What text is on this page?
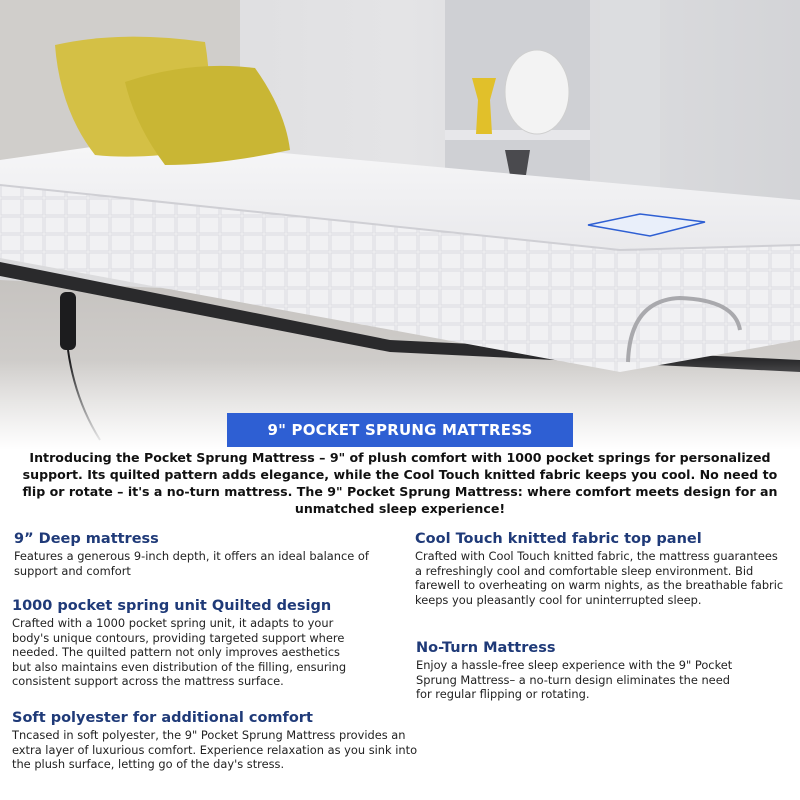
9" POCKET SPRUNG MATTRESS
Introducing the Pocket Sprung Mattress – 9" of plush comfort with 1000 pocket springs for personalized support. Its quilted pattern adds elegance, while the Cool Touch knitted fabric keeps you cool. No need to flip or rotate – it's a no-turn mattress. The 9" Pocket Sprung Mattress: where comfort meets design for an unmatched sleep experience!
9” Deep mattress

Features a generous 9-inch depth, it offers an ideal balance of support and comfort

1000 pocket spring unit Quilted design

Crafted with a 1000 pocket spring unit, it adapts to your body's unique contours, providing targeted support where needed. The quilted pattern not only improves aesthetics but also maintains even distribution of the filling, ensuring consistent support across the mattress surface.

Soft polyester for additional comfort

Tncased in soft polyester, the 9" Pocket Sprung Mattress provides an extra layer of luxurious comfort. Experience relaxation as you sink into the plush surface, letting go of the day's stress.

Cool Touch knitted fabric top panel

Crafted with Cool Touch knitted fabric, the mattress guarantees a refreshingly cool and comfortable sleep environment. Bid farewell to overheating on warm nights, as the breathable fabric keeps you pleasantly cool for uninterrupted sleep.

No-Turn Mattress

Enjoy a hassle-free sleep experience with the 9" Pocket Sprung Mattress– a no-turn design eliminates the need for regular flipping or rotating.
